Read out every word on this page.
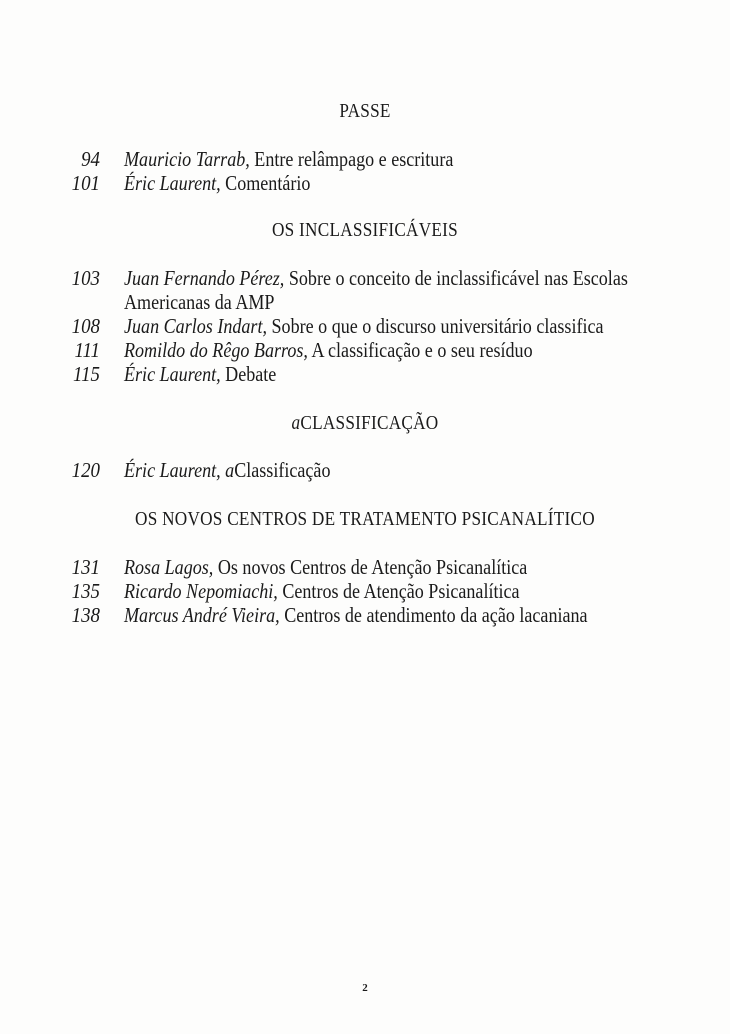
PASSE
94 Mauricio Tarrab, Entre relâmpago e escritura
101 Éric Laurent, Comentário
OS INCLASSIFICÁVEIS
103 Juan Fernando Pérez, Sobre o conceito de inclassificável nas Escolas
Americanas da AMP
108 Juan Carlos Indart, Sobre o que o discurso universitário classifica
111 Romildo do Rêgo Barros, A classificação e o seu resíduo
115 Éric Laurent, Debate
aCLASSIFICAÇÃO
120 Éric Laurent, aClassificação
OS NOVOS CENTROS DE TRATAMENTO PSICANALÍTICO
131 Rosa Lagos, Os novos Centros de Atenção Psicanalítica
135 Ricardo Nepomiachi, Centros de Atenção Psicanalítica
138 Marcus André Vieira, Centros de atendimento da ação lacaniana
2
